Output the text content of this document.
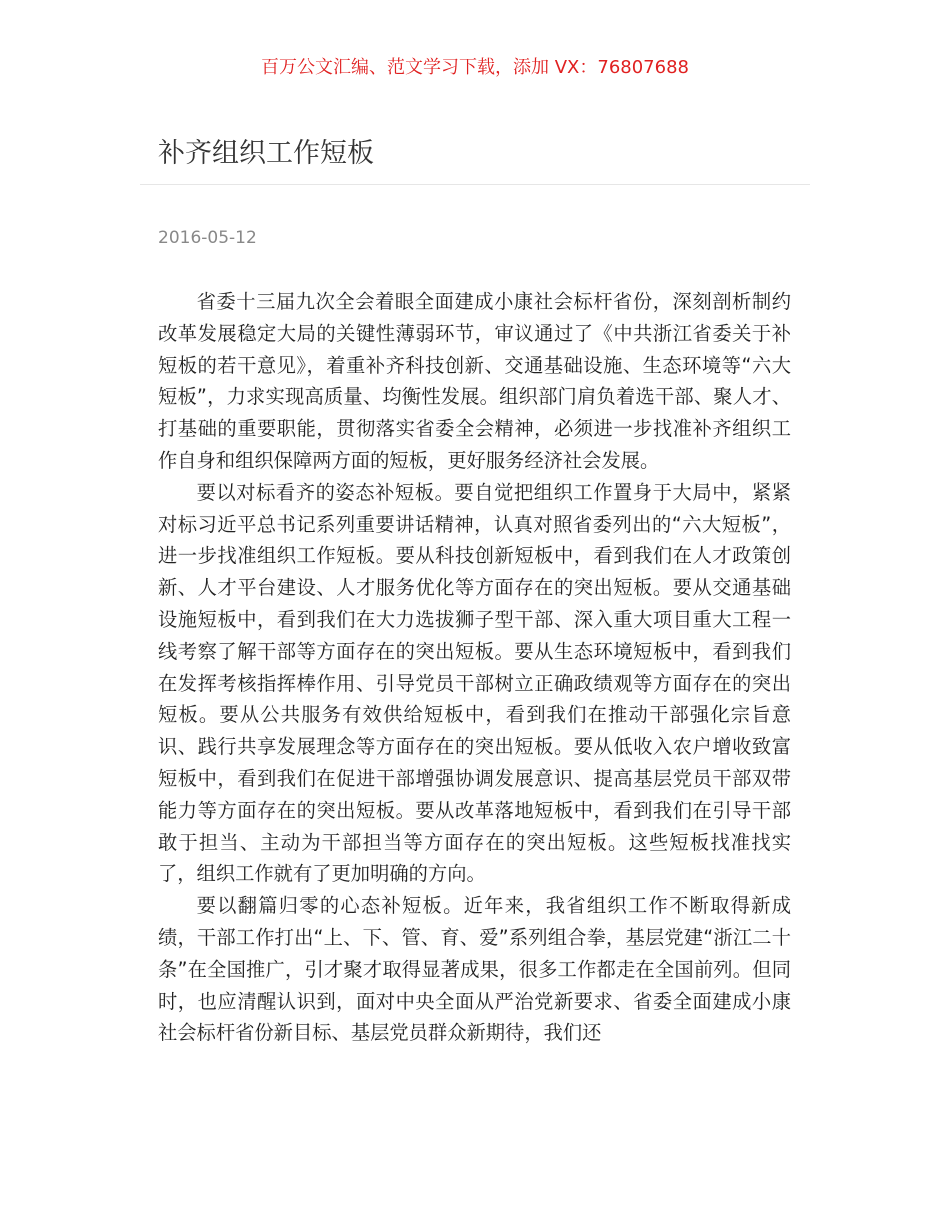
百万公文汇编、范文学习下载，添加 VX：76807688
补齐组织工作短板
2016-05-12

省委十三届九次全会着眼全面建成小康社会标杆省份，深刻剖析制约改革发展稳定大局的关键性薄弱环节，审议通过了《中共浙江省委关于补短板的若干意见》，着重补齐科技创新、交通基础设施、生态环境等“六大短板”，力求实现高质量、均衡性发展。组织部门肩负着选干部、聚人才、打基础的重要职能，贯彻落实省委全会精神，必须进一步找准补齐组织工作自身和组织保障两方面的短板，更好服务经济社会发展。

要以对标看齐的姿态补短板。要自觉把组织工作置身于大局中，紧紧对标习近平总书记系列重要讲话精神，认真对照省委列出的“六大短板”，进一步找准组织工作短板。要从科技创新短板中，看到我们在人才政策创新、人才平台建设、人才服务优化等方面存在的突出短板。要从交通基础设施短板中，看到我们在大力选拔狮子型干部、深入重大项目重大工程一线考察了解干部等方面存在的突出短板。要从生态环境短板中，看到我们在发挥考核指挥棒作用、引导党员干部树立正确政绩观等方面存在的突出短板。要从公共服务有效供给短板中，看到我们在推动干部强化宗旨意识、践行共享发展理念等方面存在的突出短板。要从低收入农户增收致富短板中，看到我们在促进干部增强协调发展意识、提高基层党员干部双带能力等方面存在的突出短板。要从改革落地短板中，看到我们在引导干部敢于担当、主动为干部担当等方面存在的突出短板。这些短板找准找实了，组织工作就有了更加明确的方向。

要以翻篇归零的心态补短板。近年来，我省组织工作不断取得新成绩，干部工作打出“上、下、管、育、爱”系列组合拳，基层党建“浙江二十条”在全国推广，引才聚才取得显著成果，很多工作都走在全国前列。但同时，也应清醒认识到，面对中央全面从严治党新要求、省委全面建成小康社会标杆省份新目标、基层党员群众新期待，我们还
